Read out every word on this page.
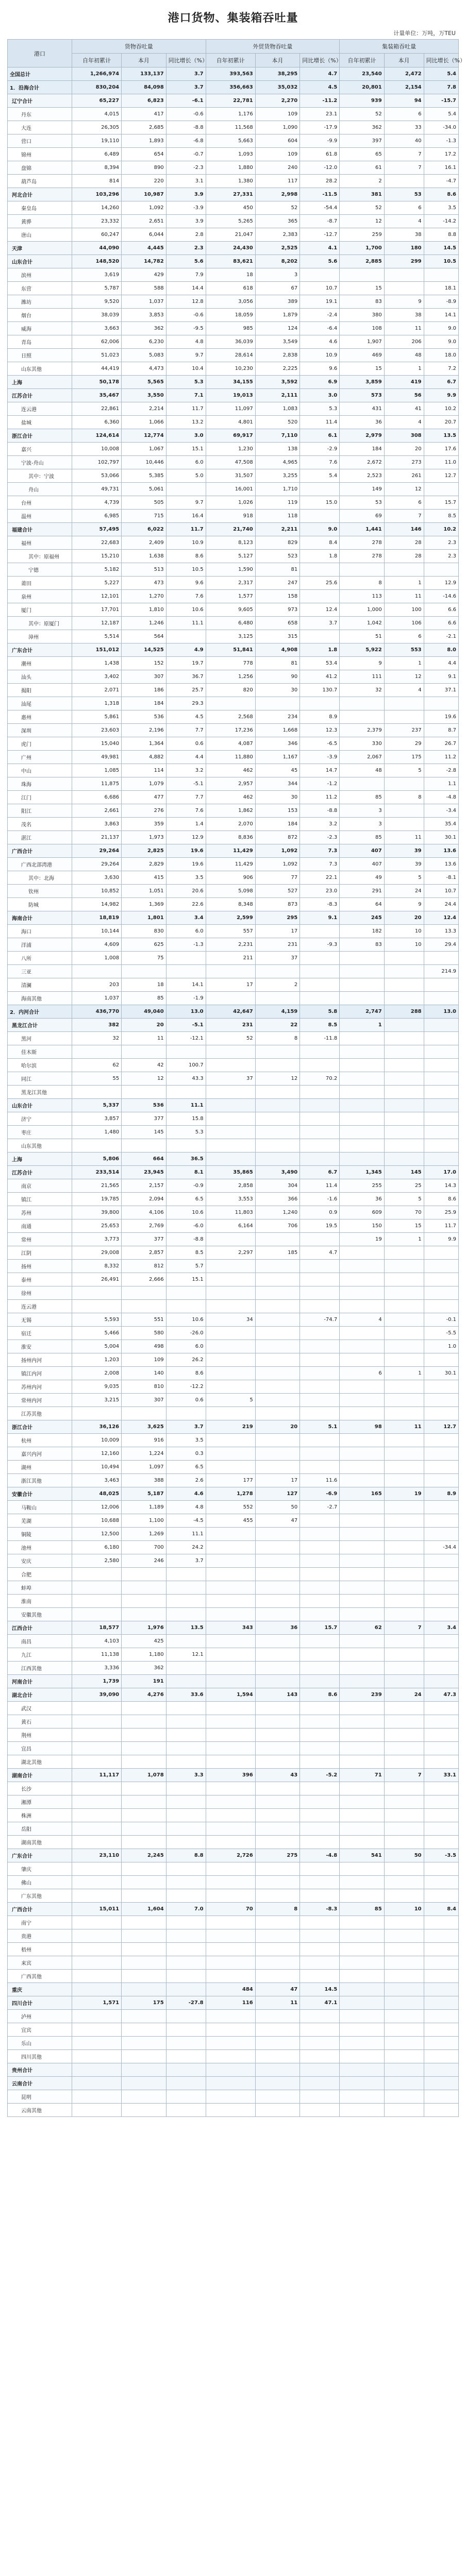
港口货物、集装箱吞吐量
计量单位：万吨，万TEU
港口	货物吞吐量			外贸货物吞吐量			集装箱吞吐量		
	自年初累计	本月	同比增长（%）	自年初累计	本月	同比增长（%）	自年初累计	本月	同比增长（%）
全国总计	1,266,974	133,137	3.7	393,563	38,295	4.7	23,540	2,472	5.4
1．沿海合计	830,204	84,098	3.7	356,663	35,032	4.5	20,801	2,154	7.8
辽宁合计	65,227	6,823	-6.1	22,781	2,270	-11.2	939	94	-15.7
丹东	4,015	417	-0.6	1,176	109	23.1	52	6	5.4
大连	26,305	2,685	-8.8	11,568	1,090	-17.9	362	33	-34.0
营口	19,110	1,893	-6.8	5,663	604	-9.9	397	40	-1.3
锦州	6,489	654	-0.7	1,093	109	61.8	65	7	17.2
盘锦	8,394	890	-2.3	1,880	240	-12.0	61	7	16.1
葫芦岛	814	220	3.1	1,380	117	28.2	2		-4.7
河北合计	103,296	10,987	3.9	27,331	2,998	-11.5	381	53	8.6
秦皇岛	14,260	1,092	-3.9	450	52	-54.4	52	6	3.5
黄骅	23,332	2,651	3.9	5,265	365	-8.7	12	4	-14.2
唐山	60,247	6,044	2.8	21,047	2,383	-12.7	259	38	8.8
天津	44,090	4,445	2.3	24,430	2,525	4.1	1,700	180	14.5
山东合计	148,520	14,782	5.6	83,621	8,202	5.6	2,885	299	10.5
滨州	3,619	429	7.9	18	3				
东营	5,787	588	14.4	618	67	10.7	15		18.1
潍坊	9,520	1,037	12.8	3,056	389	19.1	83	9	-8.9
烟台	38,039	3,853	-0.6	18,059	1,879	-2.4	380	38	14.1
威海	3,663	362	-9.5	985	124	-6.4	108	11	9.0
青岛	62,006	6,230	4.8	36,039	3,549	4.6	1,907	206	9.0
日照	51,023	5,083	9.7	28,614	2,838	10.9	469	48	18.0
山东其他	44,419	4,473	10.4	10,230	2,225	9.6	15	1	7.2
上海	50,178	5,565	5.3	34,155	3,592	6.9	3,859	419	6.7
江苏合计	35,467	3,550	7.1	19,013	2,111	3.0	573	56	9.9
连云港	22,861	2,214	11.7	11,097	1,083	5.3	431	41	10.2
盐城	6,360	1,066	13.2	4,801	520	11.4	36	4	20.7
浙江合计	124,614	12,774	3.0	69,917	7,110	6.1	2,979	308	13.5
嘉兴	10,008	1,067	15.1	1,230	138	-2.9	184	20	17.6
宁波-舟山	102,797	10,446	6.0	47,508	4,965	7.6	2,672	273	11.0
其中：宁波	53,066	5,385	5.0	31,507	3,255	5.4	2,523	261	12.7
舟山	49,731	5,061		16,001	1,710		149	12	
台州	4,739	505	9.7	1,026	119	15.0	53	6	15.7
温州	6,985	715	16.4	918	118		69	7	8.5
福建合计	57,495	6,022	11.7	21,740	2,211	9.0	1,441	146	10.2
福州	22,683	2,409	10.9	8,123	829	8.4	278	28	2.3
其中：原福州	15,210	1,638	8.6	5,127	523	1.8	278	28	2.3
宁德	5,182	513	10.5	1,590	81				
莆田	5,227	473	9.6	2,317	247	25.6	8	1	12.9
泉州	12,101	1,270	7.6	1,577	158		113	11	-14.6
厦门	17,701	1,810	10.6	9,605	973	12.4	1,000	100	6.6
其中：原厦门	12,187	1,246	11.1	6,480	658	3.7	1,042	106	6.6
漳州	5,514	564		3,125	315		51	6	-2.1
广东合计	151,012	14,525	4.9	51,841	4,908	1.8	5,922	553	8.0
潮州	1,438	152	19.7	778	81	53.4	9	1	4.4
汕头	3,402	307	36.7	1,256	90	41.2	111	12	9.1
揭阳	2,071	186	25.7	820	30	130.7	32	4	37.1
汕尾	1,318	184	29.3						
惠州	5,861	536	4.5	2,568	234	8.9			19.6
深圳	23,603	2,196	7.7	17,236	1,668	12.3	2,379	237	8.7
虎门	15,040	1,364	0.6	4,087	346	-6.5	330	29	26.7
广州	49,981	4,882	4.4	11,880	1,167	-3.9	2,067	175	11.2
中山	1,085	114	3.2	462	45	14.7	48	5	-2.8
珠海	11,875	1,079	-5.1	2,957	344	-1.2			1.1
江门	6,686	477	7.7	462	30	11.2	85	8	-4.8
阳江	2,661	276	7.6	1,862	153	-8.8	3		-3.4
茂名	3,863	359	1.4	2,070	184	3.2	3		35.4
湛江	21,137	1,973	12.9	8,836	872	-2.3	85	11	30.1
广西合计	29,264	2,825	19.6	11,429	1,092	7.3	407	39	13.6
广西北部湾港	29,264	2,829	19.6	11,429	1,092	7.3	407	39	13.6
其中：北海	3,630	415	3.5	906	77	22.1	49	5	-8.1
钦州	10,852	1,051	20.6	5,098	527	23.0	291	24	10.7
防城	14,982	1,369	22.6	8,348	873	-8.3	64	9	24.4
海南合计	18,819	1,801	3.4	2,599	295	9.1	245	20	12.4
海口	10,144	830	6.0	557	17		182	10	13.3
洋浦	4,609	625	-1.3	2,231	231	-9.3	83	10	29.4
八所	1,008	75		211	37				
三亚									214.9
清澜	203	18	14.1	17	2				
海南其他	1,037	85	-1.9						
2．内河合计	436,770	49,040	13.0	42,647	4,159	5.8	2,747	288	13.0
黑龙江合计	382	20	-5.1	231	22	8.5	1		
黑河	32	11	-12.1	52	8	-11.8			
佳木斯									
哈尔滨	62	42	100.7						
同江	55	12	43.3	37	12	70.2			
黑龙江其他									
山东合计	5,337	536	11.1						
济宁	3,857	377	15.8						
枣庄	1,480	145	5.3						
山东其他									
上海	5,806	664	36.5						
江苏合计	233,514	23,945	8.1	35,865	3,490	6.7	1,345	145	17.0
南京	21,565	2,157	-0.9	2,858	304	11.4	255	25	14.3
镇江	19,785	2,094	6.5	3,553	366	-1.6	36	5	8.6
苏州	39,800	4,106	10.6	11,803	1,240	0.9	609	70	25.9
南通	25,653	2,769	-6.0	6,164	706	19.5	150	15	11.7
常州	3,773	377	-8.8				19	1	9.9
江阴	29,008	2,857	8.5	2,297	185	4.7			
扬州	8,332	812	5.7						
泰州	26,491	2,666	15.1						
徐州									
连云港									
无锡	5,593	551	10.6	34		-74.7	4		-0.1
宿迁	5,466	580	-26.0						-5.5
淮安	5,004	498	6.0						1.0
扬州内河	1,203	109	26.2						
镇江内河	2,008	140	8.6				6	1	30.1
苏州内河	9,035	810	-12.2						
常州内河	3,215	307	0.6	5					
江苏其他									
浙江合计	36,126	3,625	3.7	219	20	5.1	98	11	12.7
杭州	10,009	916	3.5						
嘉兴内河	12,160	1,224	0.3						
湖州	10,494	1,097	6.5						
浙江其他	3,463	388	2.6	177	17	11.6			
安徽合计	48,025	5,187	4.6	1,278	127	-6.9	165	19	8.9
马鞍山	12,006	1,189	4.8	552	50	-2.7			
芜湖	10,688	1,100	-4.5	455	47				
铜陵	12,500	1,269	11.1						
池州	6,180	700	24.2						-34.4
安庆	2,580	246	3.7						
合肥									
蚌埠									
淮南									
安徽其他									
江西合计	18,577	1,976	13.5	343	36	15.7	62	7	3.4
南昌	4,103	425							
九江	11,138	1,180	12.1						
江西其他	3,336	362							
河南合计	1,739	191							
湖北合计	39,090	4,276	33.6	1,594	143	8.6	239	24	47.3
武汉									
黄石									
荆州									
宜昌									
湖北其他									
湖南合计	11,117	1,078	3.3	396	43	-5.2	71	7	33.1
长沙									
湘潭									
株洲									
岳阳									
湖南其他									
广东合计	23,110	2,245	8.8	2,726	275	-4.8	541	50	-3.5
肇庆									
佛山									
广东其他									
广西合计	15,011	1,604	7.0	70	8	-8.3	85	10	8.4
南宁									
贵港									
梧州									
来宾									
广西其他									
重庆				484	47	14.5			
四川合计	1,571	175	-27.8	116	11	47.1			
泸州									
宜宾									
乐山									
四川其他									
贵州合计									
云南合计									
昆明									
云南其他									
